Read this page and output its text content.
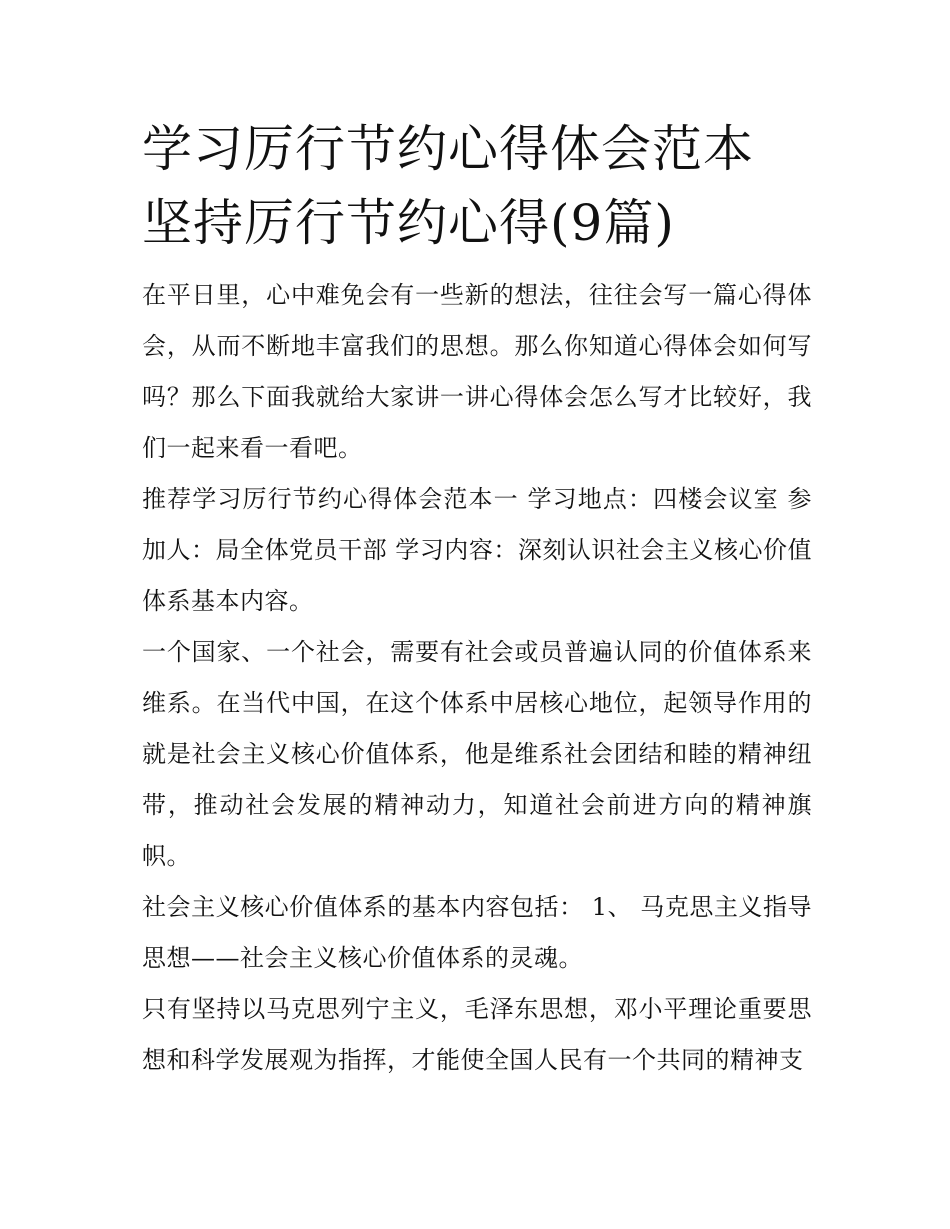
学习厉行节约心得体会范本 坚持厉行节约心得(9篇)

在平日里，心中难免会有一些新的想法，往往会写一篇心得体会，从而不断地丰富我们的思想。那么你知道心得体会如何写吗？那么下面我就给大家讲一讲心得体会怎么写才比较好，我们一起来看一看吧。

推荐学习厉行节约心得体会范本一 学习地点：四楼会议室 参加人：局全体党员干部 学习内容：深刻认识社会主义核心价值体系基本内容。

一个国家、一个社会，需要有社会或员普遍认同的价值体系来维系。在当代中国，在这个体系中居核心地位，起领导作用的就是社会主义核心价值体系，他是维系社会团结和睦的精神纽带，推动社会发展的精神动力，知道社会前进方向的精神旗帜。

社会主义核心价值体系的基本内容包括： 1、 马克思主义指导思想——社会主义核心价值体系的灵魂。

只有坚持以马克思列宁主义，毛泽东思想，邓小平理论重要思想和科学发展观为指挥，才能使全国人民有一个共同的精神支
